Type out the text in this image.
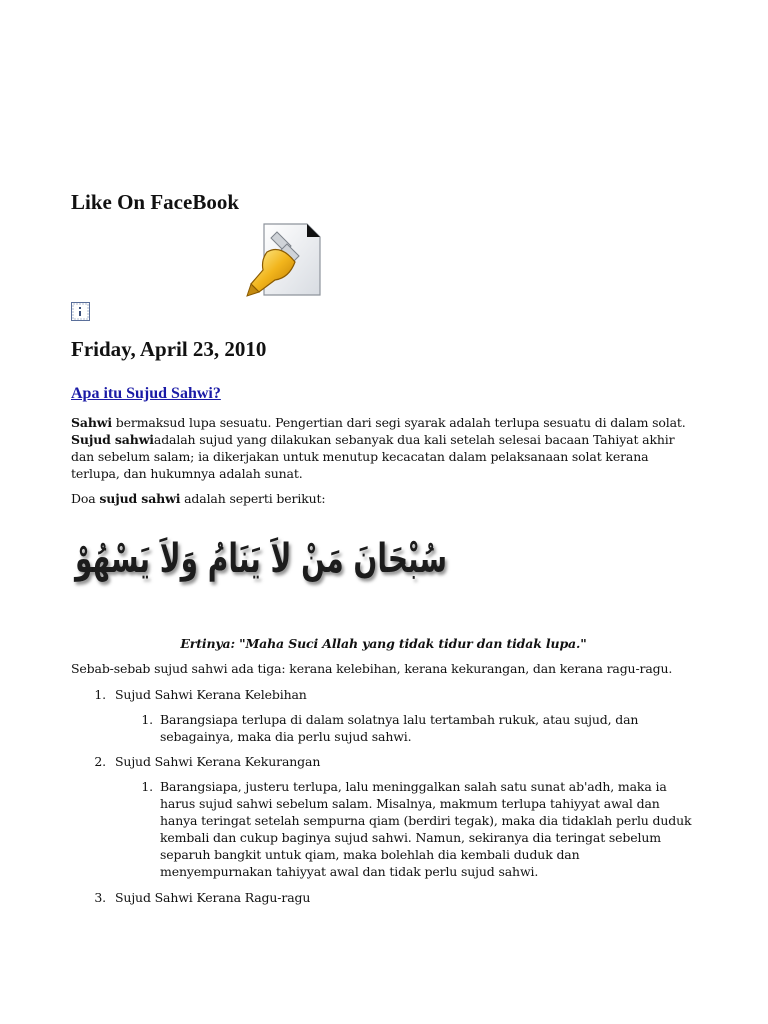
Like On FaceBook
Friday, April 23, 2010
Apa itu Sujud Sahwi?

Sahwi bermaksud lupa sesuatu. Pengertian dari segi syarak adalah terlupa sesuatu di dalam solat. Sujud sahwiadalah sujud yang dilakukan sebanyak dua kali setelah selesai bacaan Tahiyat akhir dan sebelum salam; ia dikerjakan untuk menutup kecacatan dalam pelaksanaan solat kerana terlupa, dan hukumnya adalah sunat.

Doa sujud sahwi adalah seperti berikut:

سُبْحَانَ مَنْ لاَ يَنَامُ وَلاَ يَسْهُوْ

Ertinya: "Maha Suci Allah yang tidak tidur dan tidak lupa."

Sebab-sebab sujud sahwi ada tiga: kerana kelebihan, kerana kekurangan, dan kerana ragu-ragu.

1. Sujud Sahwi Kerana Kelebihan
1. Barangsiapa terlupa di dalam solatnya lalu tertambah rukuk, atau sujud, dan sebagainya, maka dia perlu sujud sahwi.
2. Sujud Sahwi Kerana Kekurangan
1. Barangsiapa, justeru terlupa, lalu meninggalkan salah satu sunat ab'adh, maka ia harus sujud sahwi sebelum salam. Misalnya, makmum terlupa tahiyyat awal dan hanya teringat setelah sempurna qiam (berdiri tegak), maka dia tidaklah perlu duduk kembali dan cukup baginya sujud sahwi. Namun, sekiranya dia teringat sebelum separuh bangkit untuk qiam, maka bolehlah dia kembali duduk dan menyempurnakan tahiyyat awal dan tidak perlu sujud sahwi.
3. Sujud Sahwi Kerana Ragu-ragu
